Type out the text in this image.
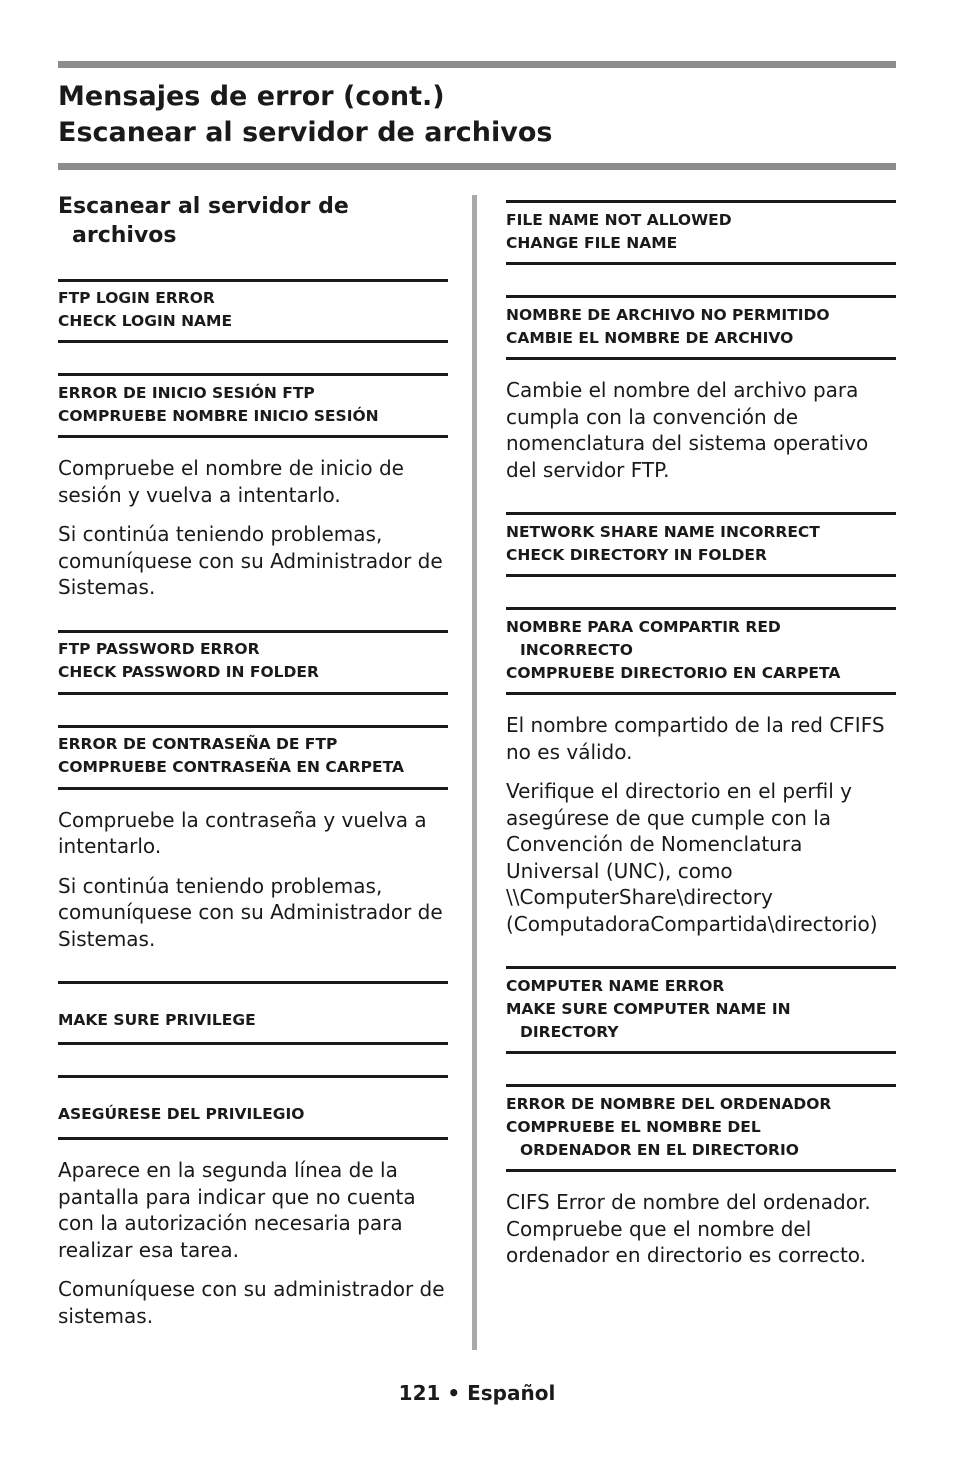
Mensajes de error (cont.)
Escanear al servidor de archivos
Escanear al servidor de archivos
FTP LOGIN ERROR
CHECK LOGIN NAME
ERROR DE INICIO SESIÓN FTP
COMPRUEBE NOMBRE INICIO SESIÓN

Compruebe el nombre de inicio de sesión y vuelva a intentarlo.

Si continúa teniendo problemas, comuníquese con su Administrador de Sistemas.

FTP PASSWORD ERROR
CHECK PASSWORD IN FOLDER
ERROR DE CONTRASEÑA DE FTP
COMPRUEBE CONTRASEÑA EN CARPETA

Compruebe la contraseña y vuelva a intentarlo.

Si continúa teniendo problemas, comuníquese con su Administrador de Sistemas.

MAKE SURE PRIVILEGE
ASEGÚRESE DEL PRIVILEGIO

Aparece en la segunda línea de la pantalla para indicar que no cuenta con la autorización necesaria para realizar esa tarea.

Comuníquese con su administrador de sistemas.

FILE NAME NOT ALLOWED
CHANGE FILE NAME
NOMBRE DE ARCHIVO NO PERMITIDO
CAMBIE EL NOMBRE DE ARCHIVO

Cambie el nombre del archivo para cumpla con la convención de nomenclatura del sistema operativo del servidor FTP.

NETWORK SHARE NAME INCORRECT
CHECK DIRECTORY IN FOLDER
NOMBRE PARA COMPARTIR RED
INCORRECTO
COMPRUEBE DIRECTORIO EN CARPETA

El nombre compartido de la red CFIFS no es válido.

Verifique el directorio en el perfil y asegúrese de que cumple con la Convención de Nomenclatura Universal (UNC), como \\ComputerShare\directory (ComputadoraCompartida\directorio)

COMPUTER NAME ERROR
MAKE SURE COMPUTER NAME IN
DIRECTORY
ERROR DE NOMBRE DEL ORDENADOR
COMPRUEBE EL NOMBRE DEL
ORDENADOR EN EL DIRECTORIO

CIFS Error de nombre del ordenador. Compruebe que el nombre del ordenador en directorio es correcto.

121 • Español
